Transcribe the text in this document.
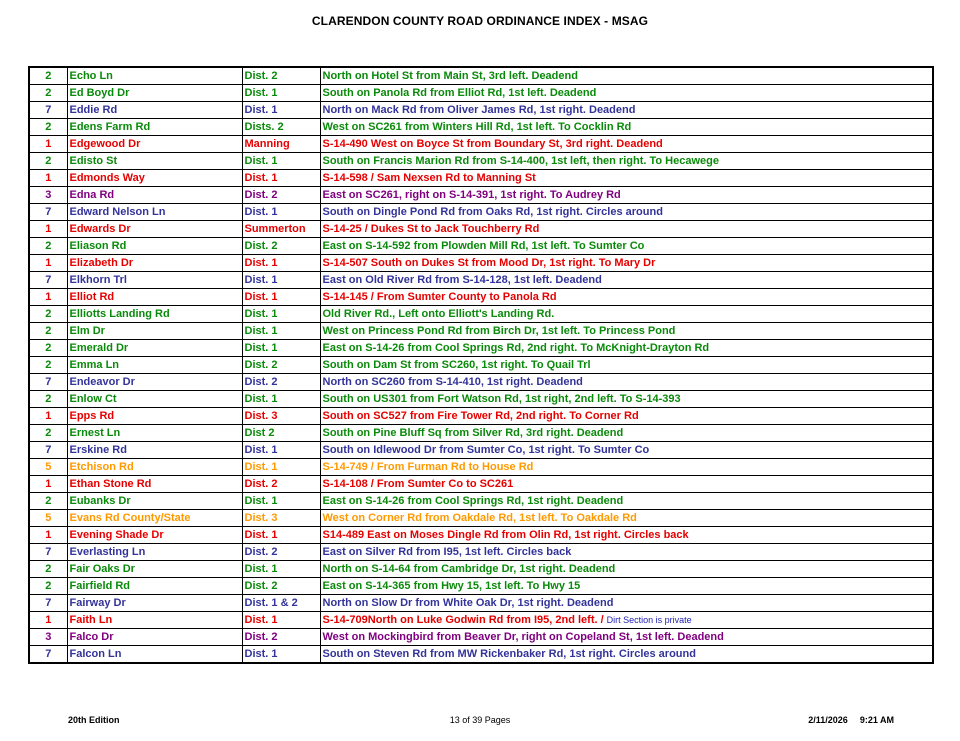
CLARENDON COUNTY ROAD ORDINANCE INDEX - MSAG
2	Echo Ln	Dist. 2	North on Hotel St from Main St, 3rd left. Deadend
2	Ed Boyd Dr	Dist. 1	South on Panola Rd from Elliot Rd, 1st left. Deadend
7	Eddie Rd	Dist. 1	North on Mack Rd from Oliver James Rd, 1st right. Deadend
2	Edens Farm Rd	Dists. 2	West on SC261 from Winters Hill Rd, 1st left. To Cocklin Rd
1	Edgewood Dr	Manning	S-14-490 West on Boyce St from Boundary St, 3rd right. Deadend
2	Edisto St	Dist. 1	South on Francis Marion Rd from S-14-400, 1st left, then right. To Hecawege
1	Edmonds Way	Dist. 1	S-14-598 / Sam Nexsen Rd to Manning St
3	Edna Rd	Dist. 2	East on SC261, right on S-14-391, 1st right. To Audrey Rd
7	Edward Nelson Ln	Dist. 1	South on Dingle Pond Rd from Oaks Rd, 1st right. Circles around
1	Edwards Dr	Summerton	S-14-25 / Dukes St to Jack Touchberry Rd
2	Eliason Rd	Dist. 2	East on S-14-592 from Plowden Mill Rd, 1st left. To Sumter Co
1	Elizabeth Dr	Dist. 1	S-14-507 South on Dukes St from Mood Dr, 1st right. To Mary Dr
7	Elkhorn Trl	Dist. 1	East on Old River Rd from S-14-128, 1st left. Deadend
1	Elliot Rd	Dist. 1	S-14-145 / From Sumter County to Panola Rd
2	Elliotts Landing Rd	Dist. 1	Old River Rd., Left onto Elliott's Landing Rd.
2	Elm Dr	Dist. 1	West on Princess Pond Rd from Birch Dr, 1st left. To Princess Pond
2	Emerald Dr	Dist. 1	East on S-14-26 from Cool Springs Rd, 2nd right. To McKnight-Drayton Rd
2	Emma Ln	Dist. 2	South on Dam St from SC260, 1st right. To Quail Trl
7	Endeavor Dr	Dist. 2	North on SC260 from S-14-410, 1st right. Deadend
2	Enlow Ct	Dist. 1	South on US301 from Fort Watson Rd, 1st right, 2nd left. To S-14-393
1	Epps Rd	Dist. 3	South on SC527 from Fire Tower Rd, 2nd right. To Corner Rd
2	Ernest Ln	Dist 2	South on Pine Bluff Sq from Silver Rd, 3rd right. Deadend
7	Erskine Rd	Dist. 1	South on Idlewood Dr from Sumter Co, 1st right. To Sumter Co
5	Etchison Rd	Dist. 1	S-14-749 / From Furman Rd to House Rd
1	Ethan Stone Rd	Dist. 2	S-14-108 / From Sumter Co to SC261
2	Eubanks Dr	Dist. 1	East on S-14-26 from Cool Springs Rd, 1st right. Deadend
5	Evans Rd County/State	Dist. 3	West on Corner Rd from Oakdale Rd, 1st left. To Oakdale Rd
1	Evening Shade Dr	Dist. 1	S14-489 East on Moses Dingle Rd from Olin Rd, 1st right. Circles back
7	Everlasting Ln	Dist. 2	East on Silver Rd from I95, 1st left. Circles back
2	Fair Oaks Dr	Dist. 1	North on S-14-64 from Cambridge Dr, 1st right. Deadend
2	Fairfield Rd	Dist. 2	East on S-14-365 from Hwy 15, 1st left. To Hwy 15
7	Fairway Dr	Dist. 1 & 2	North on Slow Dr from White Oak Dr, 1st right. Deadend
1	Faith Ln	Dist. 1	S-14-709North on Luke Godwin Rd from I95, 2nd left. / Dirt Section is private
3	Falco Dr	Dist. 2	West on Mockingbird from Beaver Dr, right on Copeland St, 1st left. Deadend
7	Falcon Ln	Dist. 1	South on Steven Rd from MW Rickenbaker Rd, 1st right. Circles around
20th Edition	13 of 39 Pages	2/11/2026 9:21 AM
